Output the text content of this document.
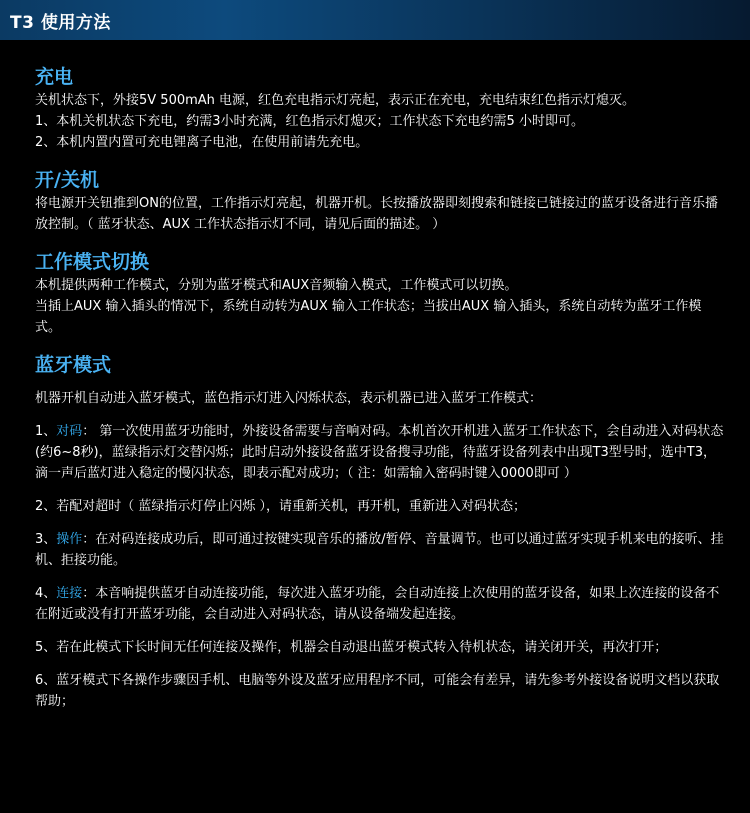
T3 使用方法
充电

关机状态下，外接5V 500mAh 电源，红色充电指示灯亮起，表示正在充电，充电结束红色指示灯熄灭。

1、本机关机状态下充电，约需3小时充满，红色指示灯熄灭；工作状态下充电约需5 小时即可。

2、本机内置内置可充电锂离子电池，在使用前请先充电。

开/关机

将电源开关钮推到ON的位置，工作指示灯亮起，机器开机。长按播放器即刻搜索和链接已链接过的蓝牙设备进行音乐播放控制。（ 蓝牙状态、AUX 工作状态指示灯不同，请见后面的描述。 ）

工作模式切换

本机提供两种工作模式，分别为蓝牙模式和AUX音频输入模式，工作模式可以切换。

当插上AUX 输入插头的情况下，系统自动转为AUX 输入工作状态；当拔出AUX 输入插头，系统自动转为蓝牙工作模式。

蓝牙模式

机器开机自动进入蓝牙模式，蓝色指示灯进入闪烁状态，表示机器已进入蓝牙工作模式：

1、对码： 第一次使用蓝牙功能时，外接设备需要与音响对码。本机首次开机进入蓝牙工作状态下，会自动进入对码状态(约6~8秒)，蓝绿指示灯交替闪烁；此时启动外接设备蓝牙设备搜寻功能，待蓝牙设备列表中出现T3型号时，选中T3，滴一声后蓝灯进入稳定的慢闪状态，即表示配对成功；（ 注：如需输入密码时键入0000即可 ）

2、若配对超时（ 蓝绿指示灯停止闪烁 ），请重新关机，再开机，重新进入对码状态；

3、操作：在对码连接成功后，即可通过按键实现音乐的播放/暂停、音量调节。也可以通过蓝牙实现手机来电的接听、挂机、拒接功能。

4、连接：本音响提供蓝牙自动连接功能，每次进入蓝牙功能，会自动连接上次使用的蓝牙设备，如果上次连接的设备不在附近或没有打开蓝牙功能，会自动进入对码状态，请从设备端发起连接。

5、若在此模式下长时间无任何连接及操作，机器会自动退出蓝牙模式转入待机状态，请关闭开关，再次打开；

6、蓝牙模式下各操作步骤因手机、电脑等外设及蓝牙应用程序不同，可能会有差异，请先参考外接设备说明文档以获取帮助；
